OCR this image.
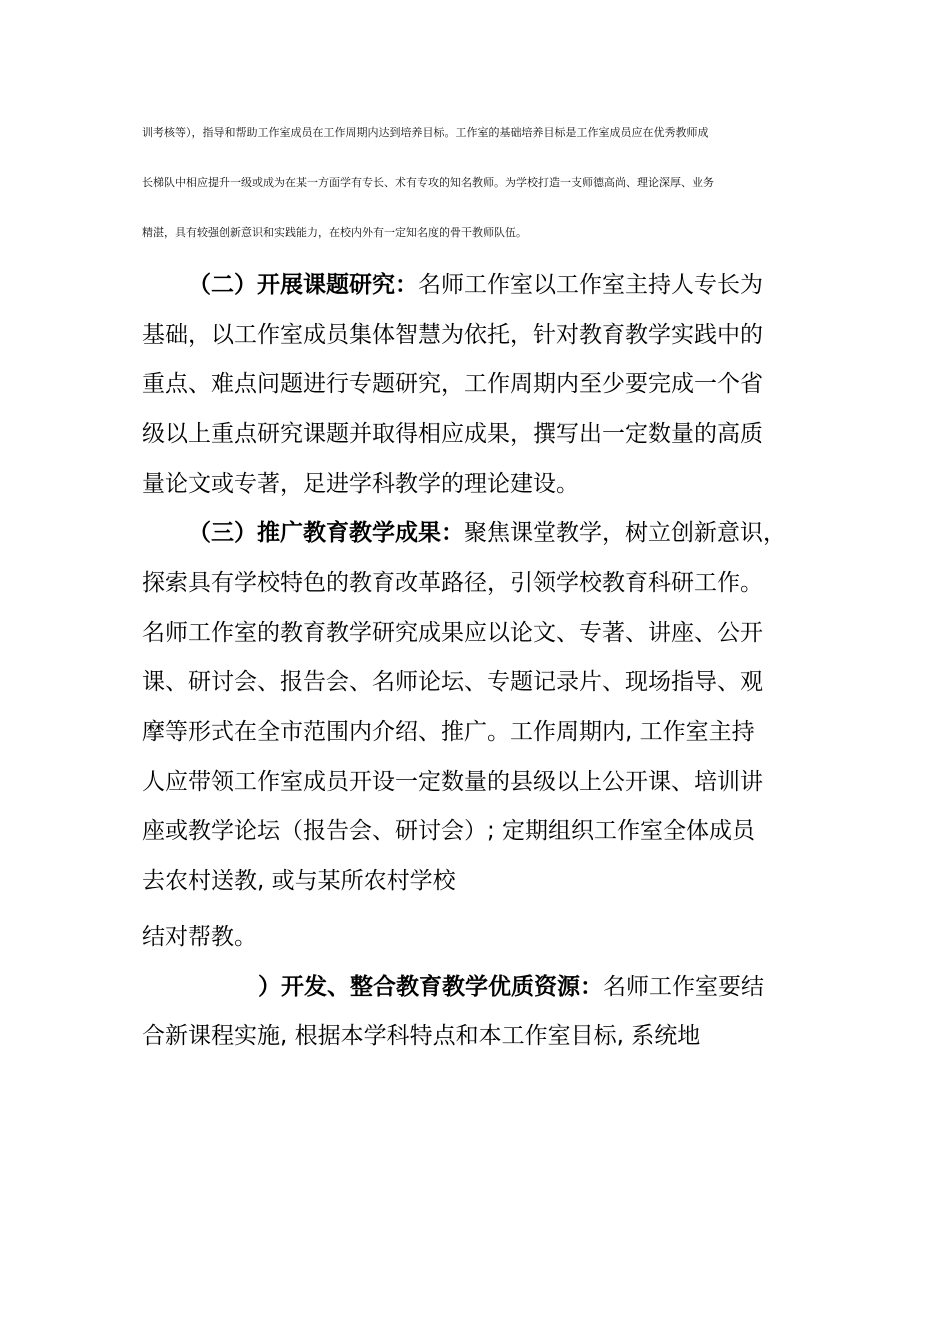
训考核等），指导和帮助工作室成员在工作周期内达到培养目标。工作室的基础培养目标是工作室成员应在优秀教师成
长梯队中相应提升一级或成为在某一方面学有专长、术有专攻的知名教师。为学校打造一支师德高尚、理论深厚、业务
精湛，具有较强创新意识和实践能力，在校内外有一定知名度的骨干教师队伍。
（二）开展课题研究：名师工作室以工作室主持人专长为
基础，以工作室成员集体智慧为依托，针对教育教学实践中的
重点、难点问题进行专题研究，工作周期内至少要完成一个省
级以上重点研究课题并取得相应成果，撰写出一定数量的高质
量论文或专著，足进学科教学的理论建设。
（三）推广教育教学成果：聚焦课堂教学，树立创新意识，
探索具有学校特色的教育改革路径，引领学校教育科研工作。
名师工作室的教育教学研究成果应以论文、专著、讲座、公开
课、研讨会、报告会、名师论坛、专题记录片、现场指导、观
摩等形式在全市范围内介绍、推广。工作周期内, 工作室主持
人应带领工作室成员开设一定数量的县级以上公开课、培训讲
座或教学论坛（报告会、研讨会）; 定期组织工作室全体成员
去农村送教, 或与某所农村学校
结对帮教。
）开发、整合教育教学优质资源：名师工作室要结
合新课程实施, 根据本学科特点和本工作室目标, 系统地
